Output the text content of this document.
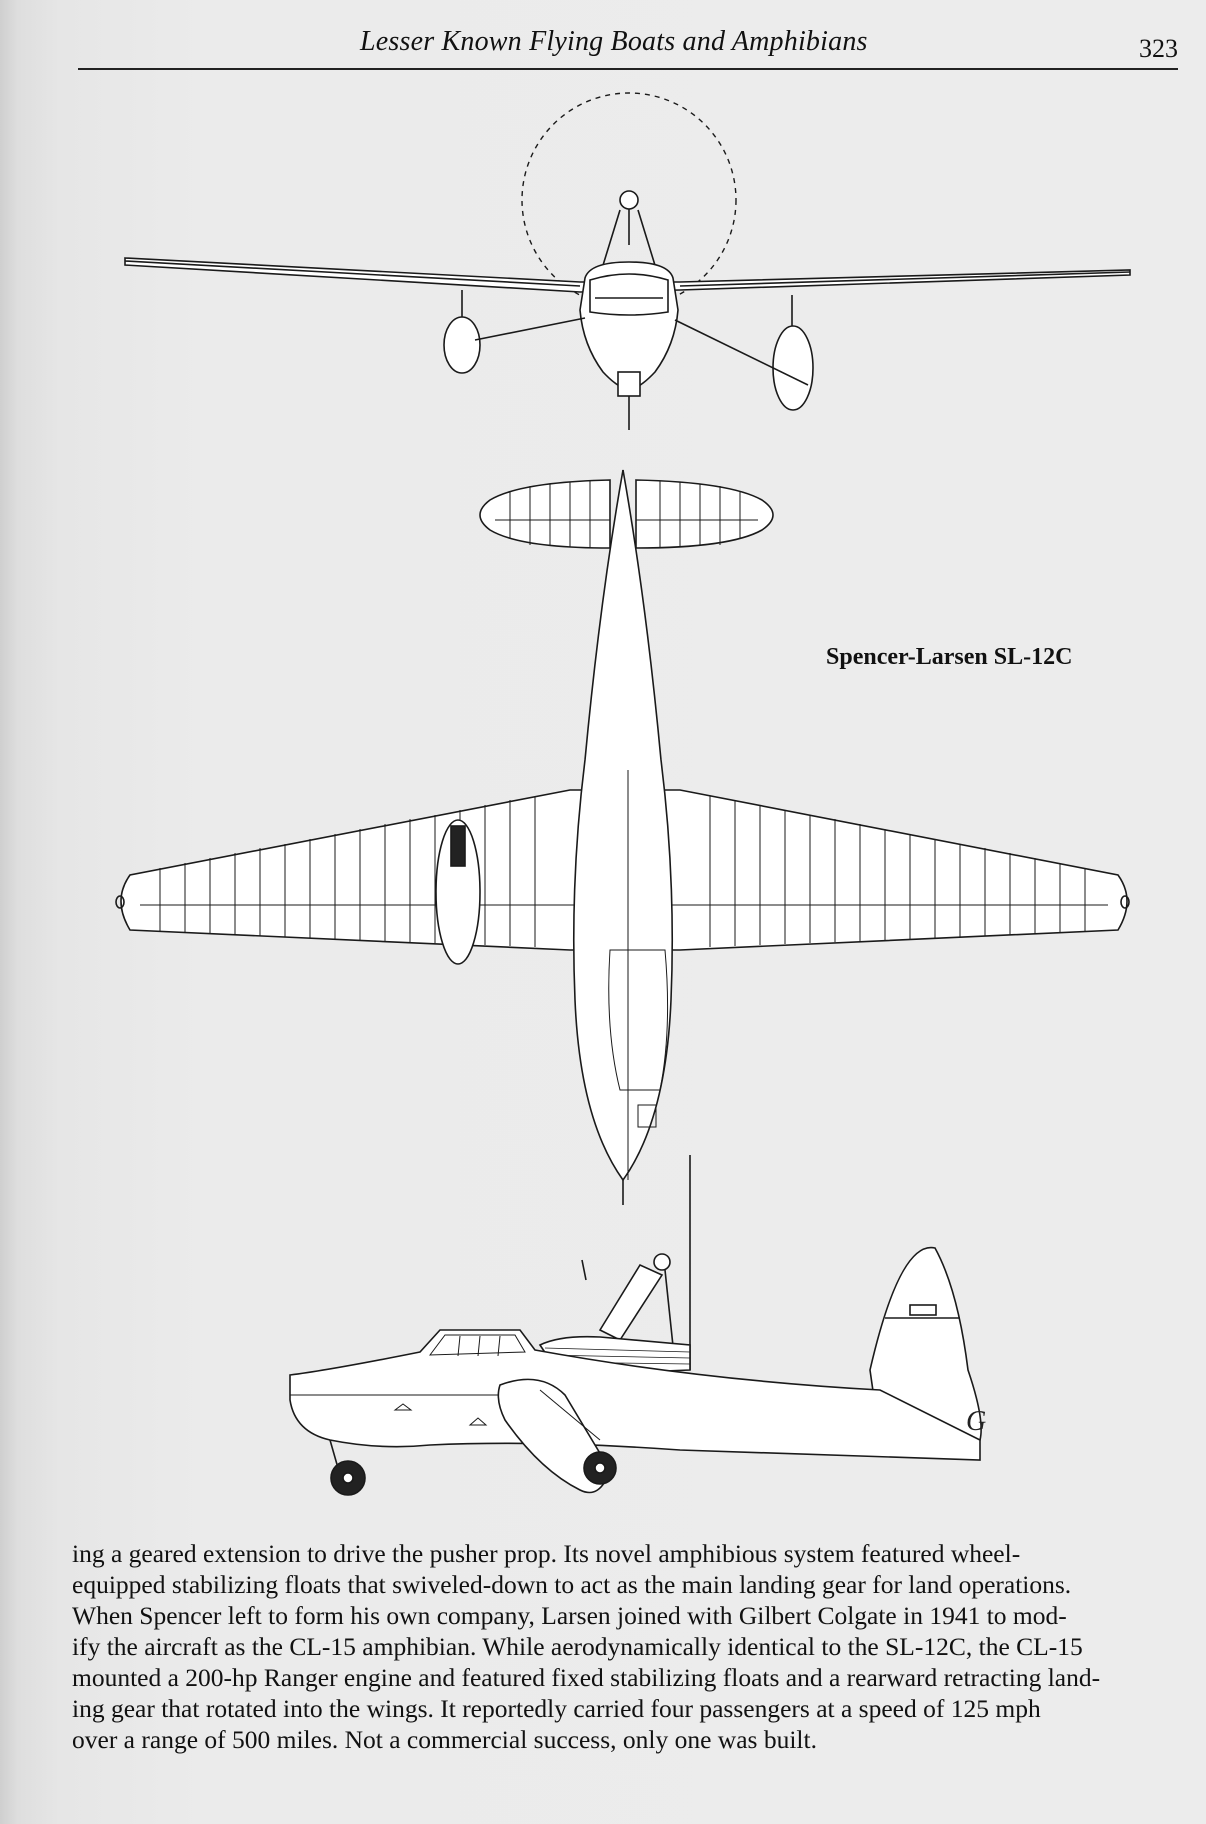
Lesser Known Flying Boats and Amphibians	323
G
Spencer-Larsen SL-12C
ing a geared extension to drive the pusher prop. Its novel amphibious system featured wheel-
equipped stabilizing floats that swiveled-down to act as the main landing gear for land operations.
When Spencer left to form his own company, Larsen joined with Gilbert Colgate in 1941 to mod-
ify the aircraft as the CL-15 amphibian. While aerodynamically identical to the SL-12C, the CL-15
mounted a 200-hp Ranger engine and featured fixed stabilizing floats and a rearward retracting land-
ing gear that rotated into the wings. It reportedly carried four passengers at a speed of 125 mph
over a range of 500 miles. Not a commercial success, only one was built.
